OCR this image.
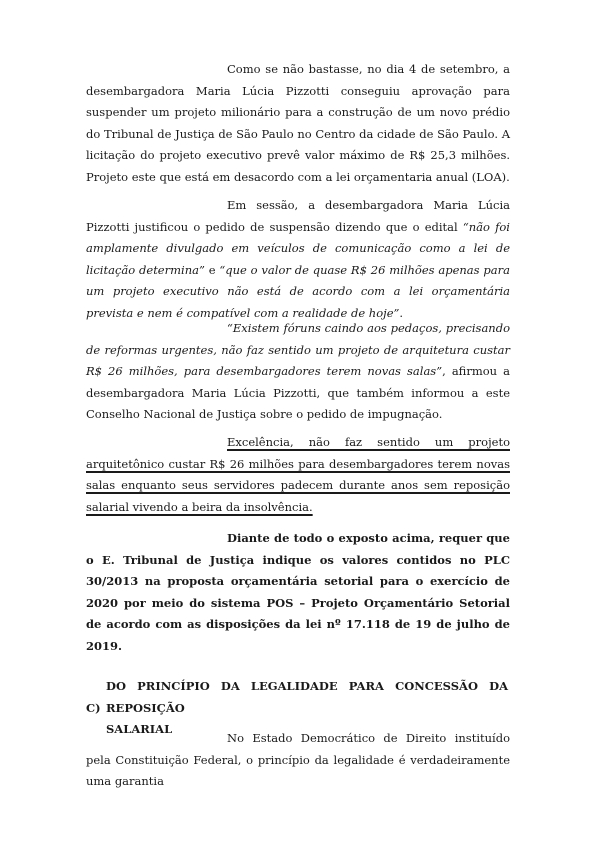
Como se não bastasse, no dia 4 de setembro, a desembargadora Maria Lúcia Pizzotti conseguiu aprovação para suspender um projeto milionário para a construção de um novo prédio do Tribunal de Justiça de São Paulo no Centro da cidade de São Paulo. A licitação do projeto executivo prevê valor máximo de R$ 25,3 milhões. Projeto este que está em desacordo com a lei orçamentaria anual (LOA).

Em sessão, a desembargadora Maria Lúcia Pizzotti justificou o pedido de suspensão dizendo que o edital “não foi amplamente divulgado em veículos de comunicação como a lei de licitação determina” e “que o valor de quase R$ 26 milhões apenas para um projeto executivo não está de acordo com a lei orçamentária prevista e nem é compatível com a realidade de hoje”.

“Existem fóruns caindo aos pedaços, precisando de reformas urgentes, não faz sentido um projeto de arquitetura custar R$ 26 milhões, para desembargadores terem novas salas”, afirmou a desembargadora Maria Lúcia Pizzotti, que também informou a este Conselho Nacional de Justiça sobre o pedido de impugnação.

Excelência, não faz sentido um projeto arquitetônico custar R$ 26 milhões para desembargadores terem novas salas enquanto seus servidores padecem durante anos sem reposição salarial vivendo a beira da insolvência.

Diante de todo o exposto acima, requer que o E. Tribunal de Justiça indique os valores contidos no PLC 30/2013 na proposta orçamentária setorial para o exercício de 2020 por meio do sistema POS – Projeto Orçamentário Setorial de acordo com as disposições da lei nº 17.118 de 19 de julho de 2019.

C)DO PRINCÍPIO DA LEGALIDADE PARA CONCESSÃO DA REPOSIÇÃO
SALARIAL

No Estado Democrático de Direito instituído pela Constituição Federal, o princípio da legalidade é verdadeiramente uma garantia
